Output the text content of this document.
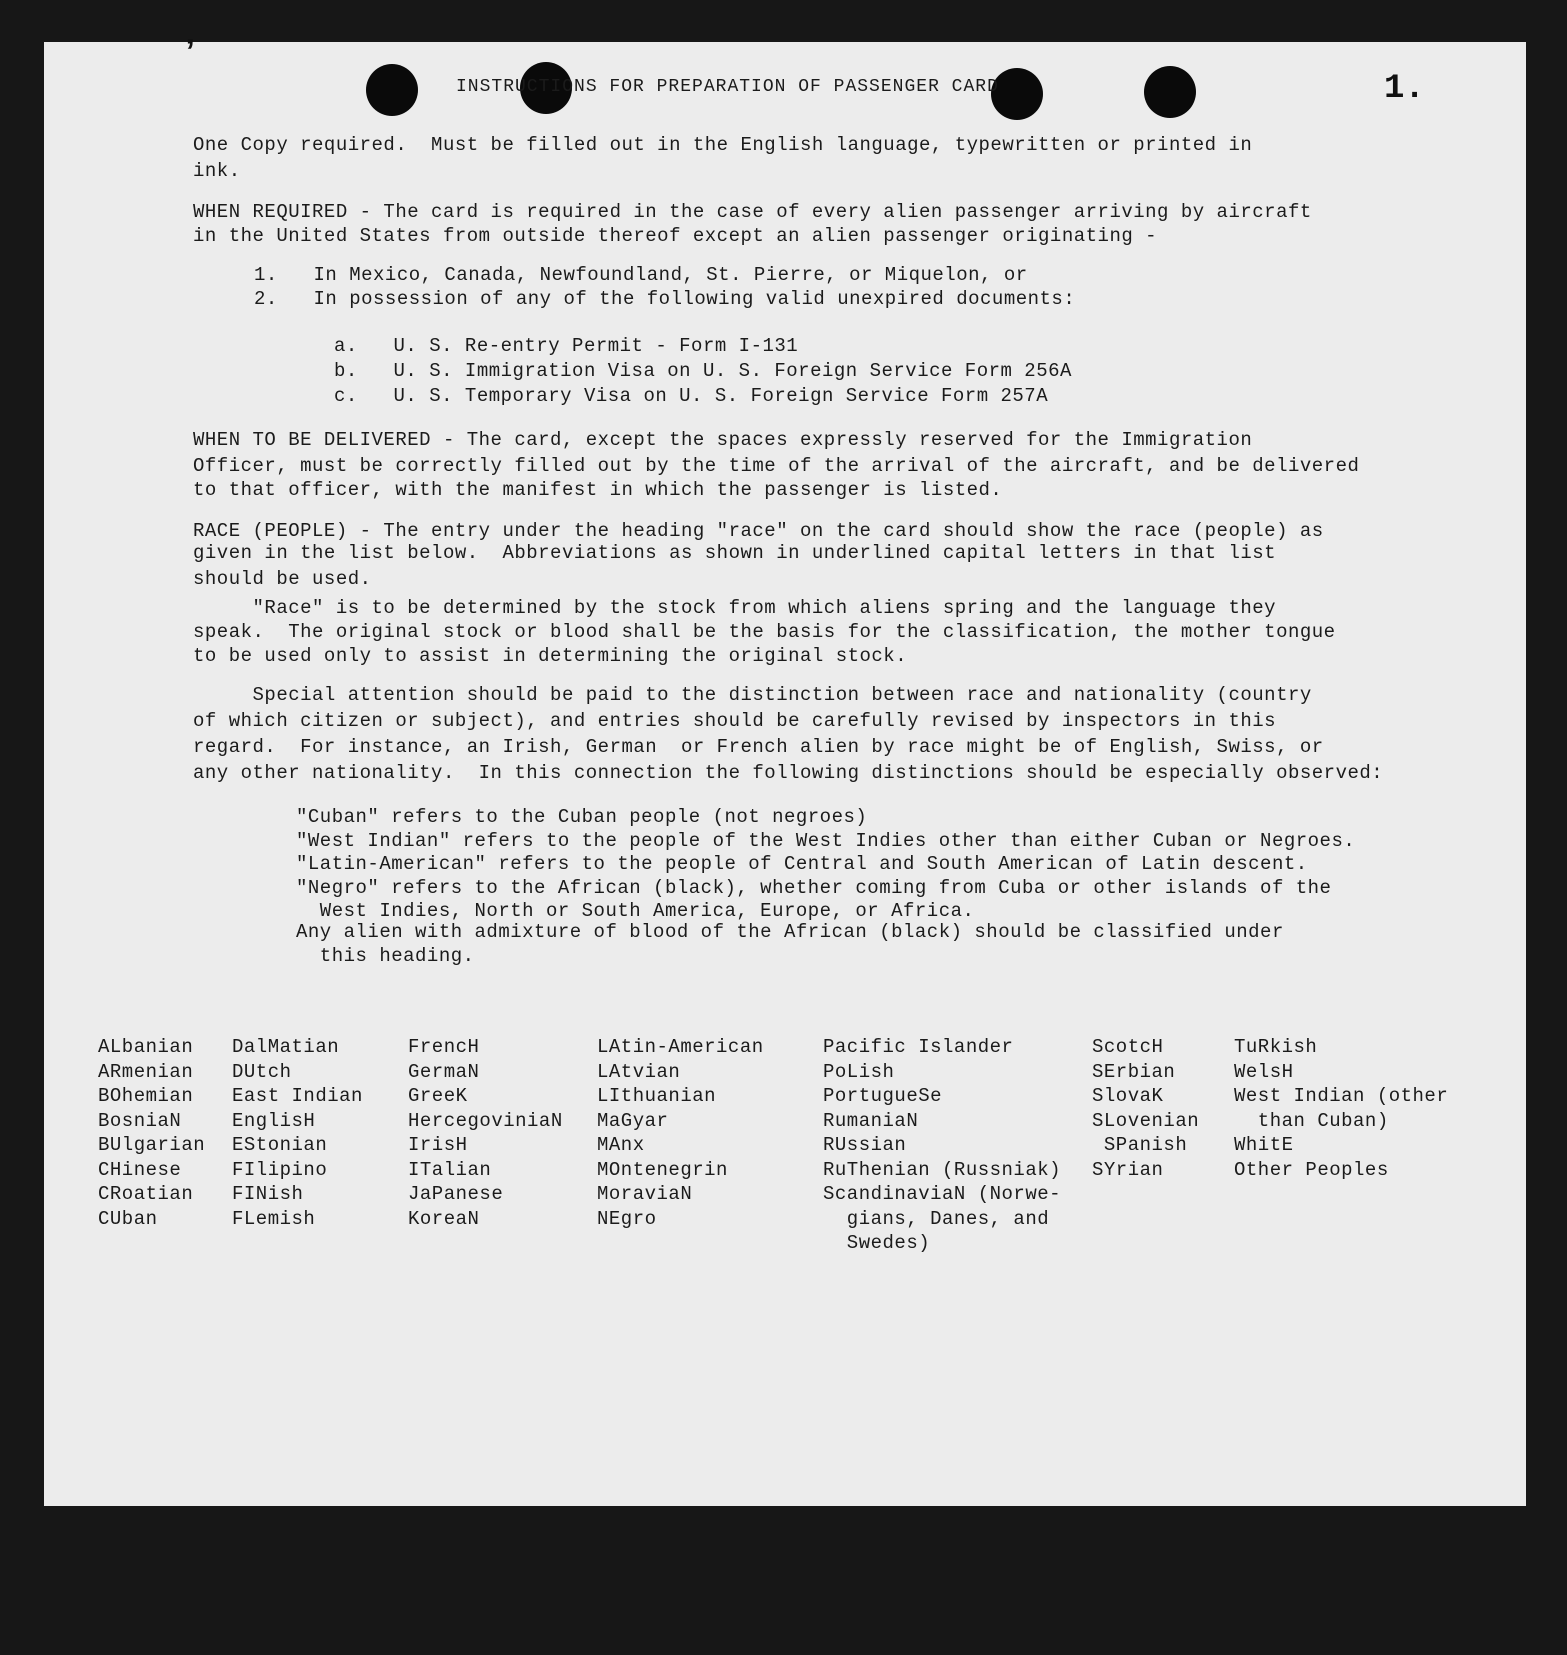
ʼ
INSTRUCTIONS FOR PREPARATION OF PASSENGER CARD	1.
One Copy required.  Must be filled out in the English language, typewritten or printed in
ink.
WHEN REQUIRED - The card is required in the case of every alien passenger arriving by aircraft
in the United States from outside thereof except an alien passenger originating -
1.   In Mexico, Canada, Newfoundland, St. Pierre, or Miquelon, or
2.   In possession of any of the following valid unexpired documents:
a.   U. S. Re-entry Permit - Form I-131
b.   U. S. Immigration Visa on U. S. Foreign Service Form 256A
c.   U. S. Temporary Visa on U. S. Foreign Service Form 257A
WHEN TO BE DELIVERED - The card, except the spaces expressly reserved for the Immigration
Officer, must be correctly filled out by the time of the arrival of the aircraft, and be delivered
to that officer, with the manifest in which the passenger is listed.
RACE (PEOPLE) - The entry under the heading "race" on the card should show the race (people) as
given in the list below.  Abbreviations as shown in underlined capital letters in that list
should be used.
"Race" is to be determined by the stock from which aliens spring and the language they
speak.  The original stock or blood shall be the basis for the classification, the mother tongue
to be used only to assist in determining the original stock.
Special attention should be paid to the distinction between race and nationality (country
of which citizen or subject), and entries should be carefully revised by inspectors in this
regard.  For instance, an Irish, German  or French alien by race might be of English, Swiss, or
any other nationality.  In this connection the following distinctions should be especially observed:
"Cuban" refers to the Cuban people (not negroes)
"West Indian" refers to the people of the West Indies other than either Cuban or Negroes.
"Latin-American" refers to the people of Central and South American of Latin descent.
"Negro" refers to the African (black), whether coming from Cuba or other islands of the
West Indies, North or South America, Europe, or Africa.
Any alien with admixture of blood of the African (black) should be classified under
this heading.
ALbanian
ARmenian
BOhemian
BosniaN
BUlgarian
CHinese
CRoatian
CUban
DalMatian
DUtch
East Indian
EnglisH
EStonian
FIlipino
FINish
FLemish
FrencH
GermaN
GreeK
HercegoviniaN
IrisH
ITalian
JaPanese
KoreaN
LAtin-American
LAtvian
LIthuanian
MaGyar
MAnx
MOntenegrin
MoraviaN
NEgro
Pacific Islander
PoLish
PortugueSe
RumaniaN
RUssian
RuThenian (Russniak)
ScandinaviaN (Norwe-
gians, Danes, and
Swedes)
ScotcH
SErbian
SlovaK
SLovenian
SPanish
SYrian
TuRkish
WelsH
West Indian (other
than Cuban)
WhitE
Other Peoples
